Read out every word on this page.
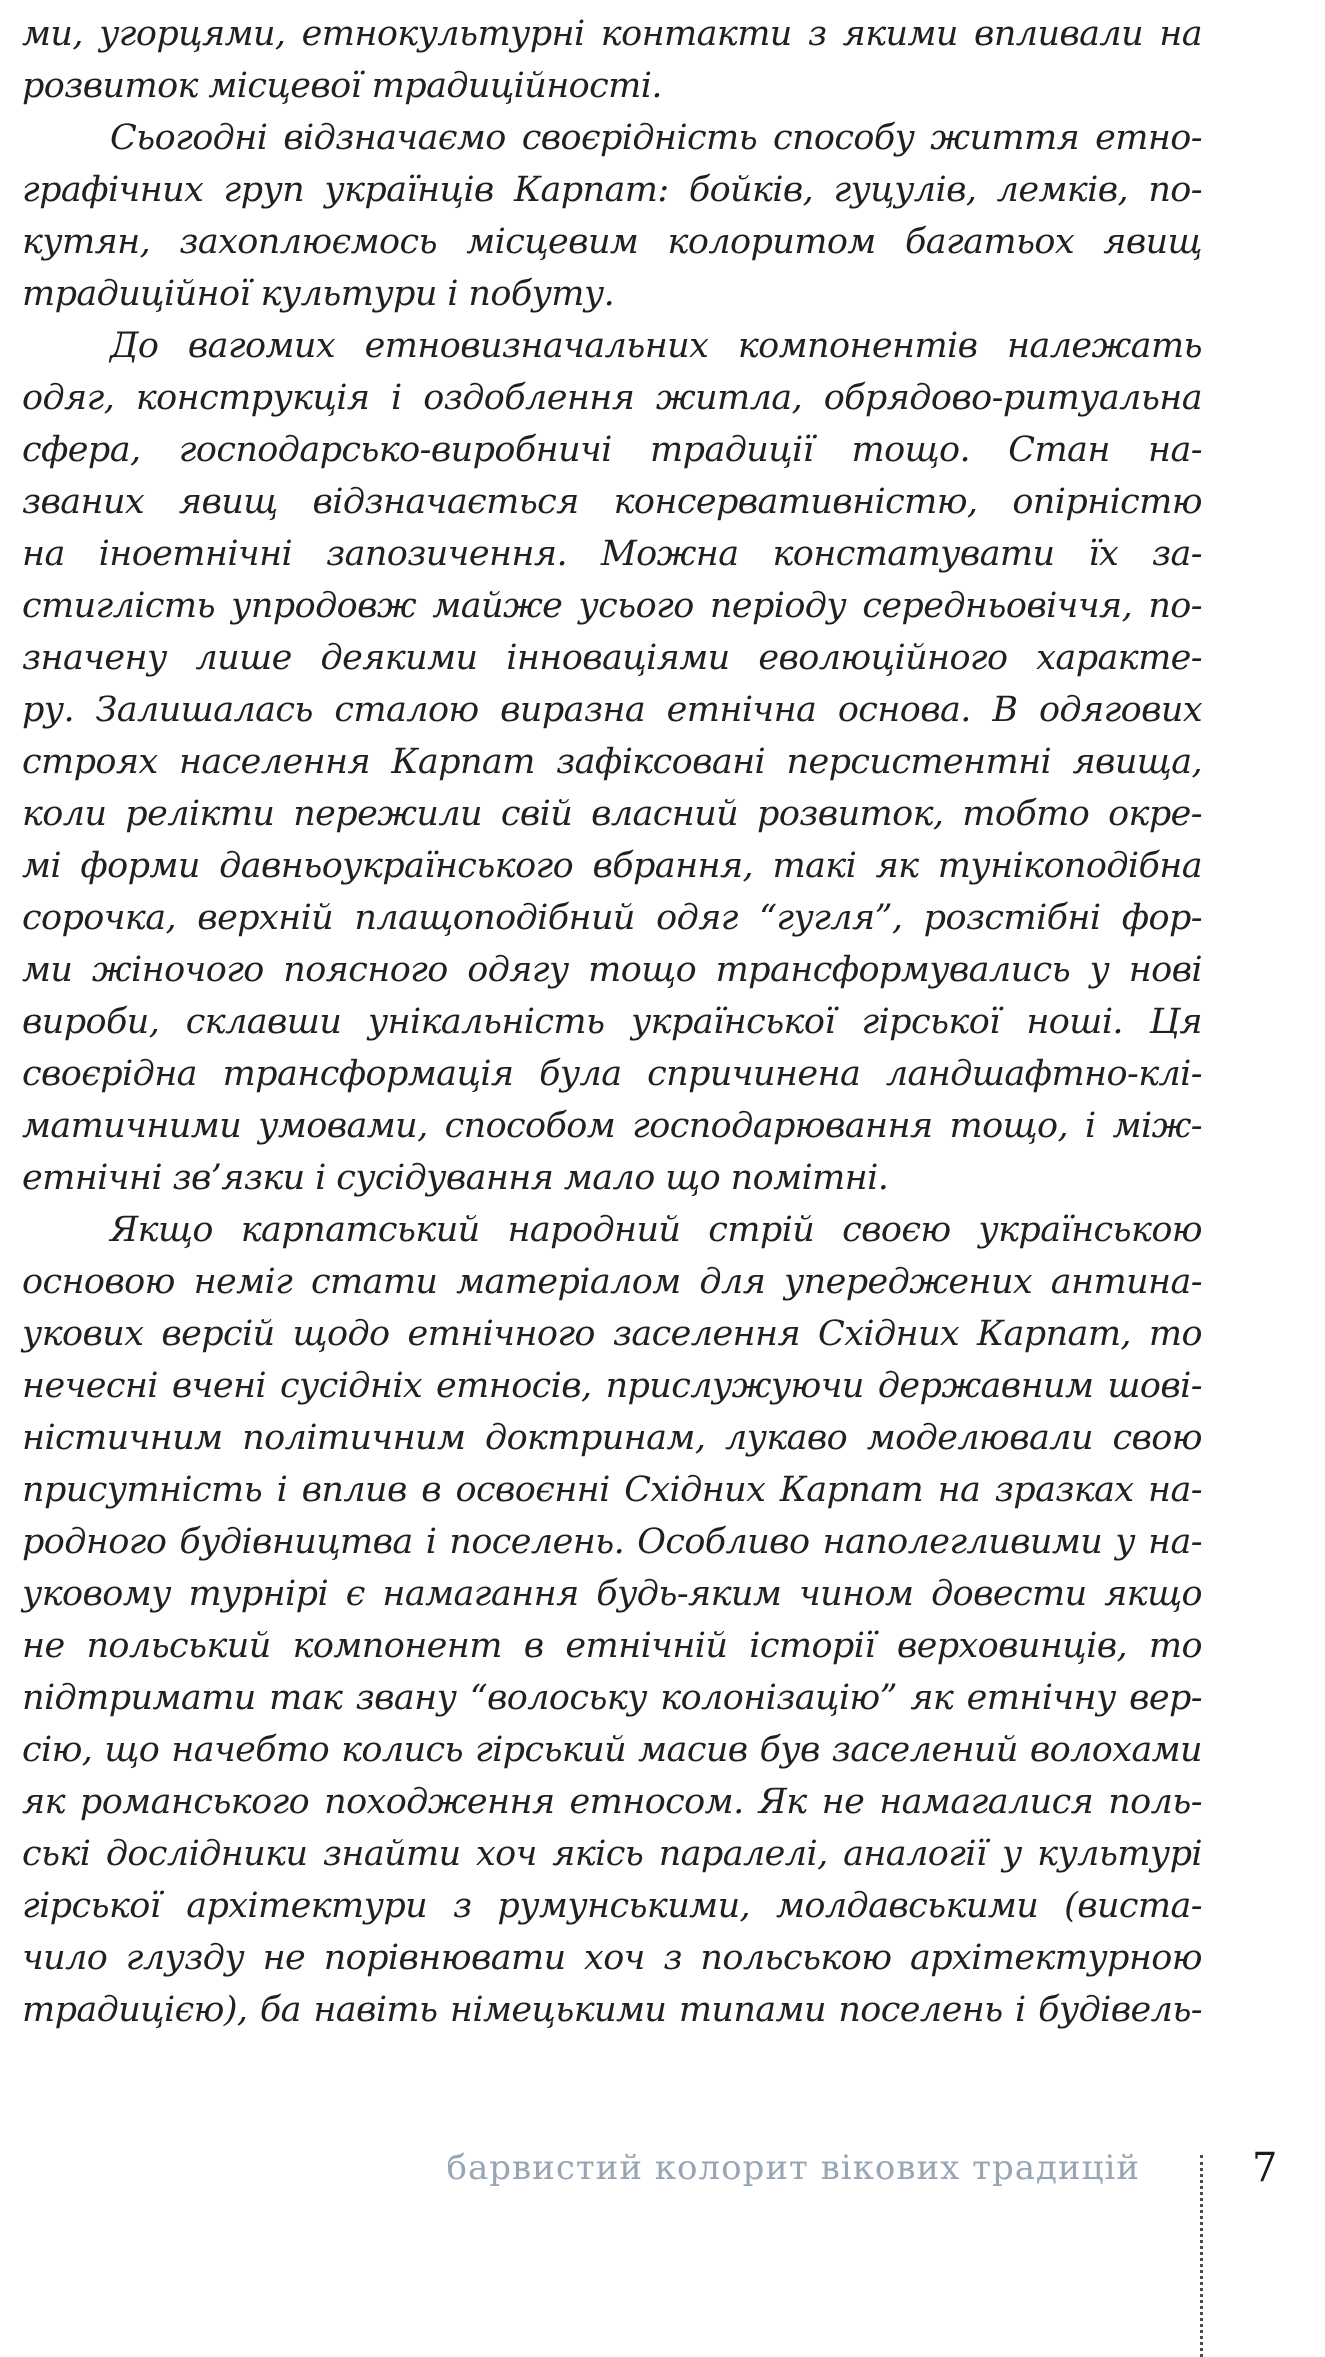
ми, угорцями, етнокультурні контакти з якими впливали на
розвиток місцевої традиційності.
Сьогодні відзначаємо своєрідність способу життя етно-
графічних груп українців Карпат: бойків, гуцулів, лемків, по-
кутян, захоплюємось місцевим колоритом багатьох явищ
традиційної культури і побуту.
До вагомих етновизначальних компонентів належать
одяг, конструкція і оздоблення житла, обрядово-ритуальна
сфера, господарсько-виробничі традиції тощо. Стан на-
званих явищ відзначається консервативністю, опірністю
на іноетнічні запозичення. Можна констатувати їх за-
стиглість упродовж майже усього періоду середньовіччя, по-
значену лише деякими інноваціями еволюційного характе-
ру. Залишалась сталою виразна етнічна основа. В одягових
строях населення Карпат зафіксовані персистентні явища,
коли релікти пережили свій власний розвиток, тобто окре-
мі форми давньоукраїнського вбрання, такі як тунікоподібна
сорочка, верхній плащоподібний одяг “гугля”, розстібні фор-
ми жіночого поясного одягу тощо трансформувались у нові
вироби, склавши унікальність української гірської ноші. Ця
своєрідна трансформація була спричинена ландшафтно-клі-
матичними умовами, способом господарювання тощо, і між-
етнічні зв’язки і сусідування мало що помітні.
Якщо карпатський народний стрій своєю українською
основою неміг стати матеріалом для упереджених антина-
укових версій щодо етнічного заселення Східних Карпат, то
нечесні вчені сусідніх етносів, прислужуючи державним шові-
ністичним політичним доктринам, лукаво моделювали свою
присутність і вплив в освоєнні Східних Карпат на зразках на-
родного будівництва і поселень. Особливо наполегливими у на-
уковому турнірі є намагання будь-яким чином довести якщо
не польський компонент в етнічній історії верховинців, то
підтримати так звану “волоську колонізацію” як етнічну вер-
сію, що начебто колись гірський масив був заселений волохами
як романського походження етносом. Як не намагалися поль-
ські дослідники знайти хоч якісь паралелі, аналогії у культурі
гірської архітектури з румунськими, молдавськими (виста-
чило глузду не порівнювати хоч з польською архітектурною
традицією), ба навіть німецькими типами поселень і будівель-
барвистий колорит вікових традицій	7
